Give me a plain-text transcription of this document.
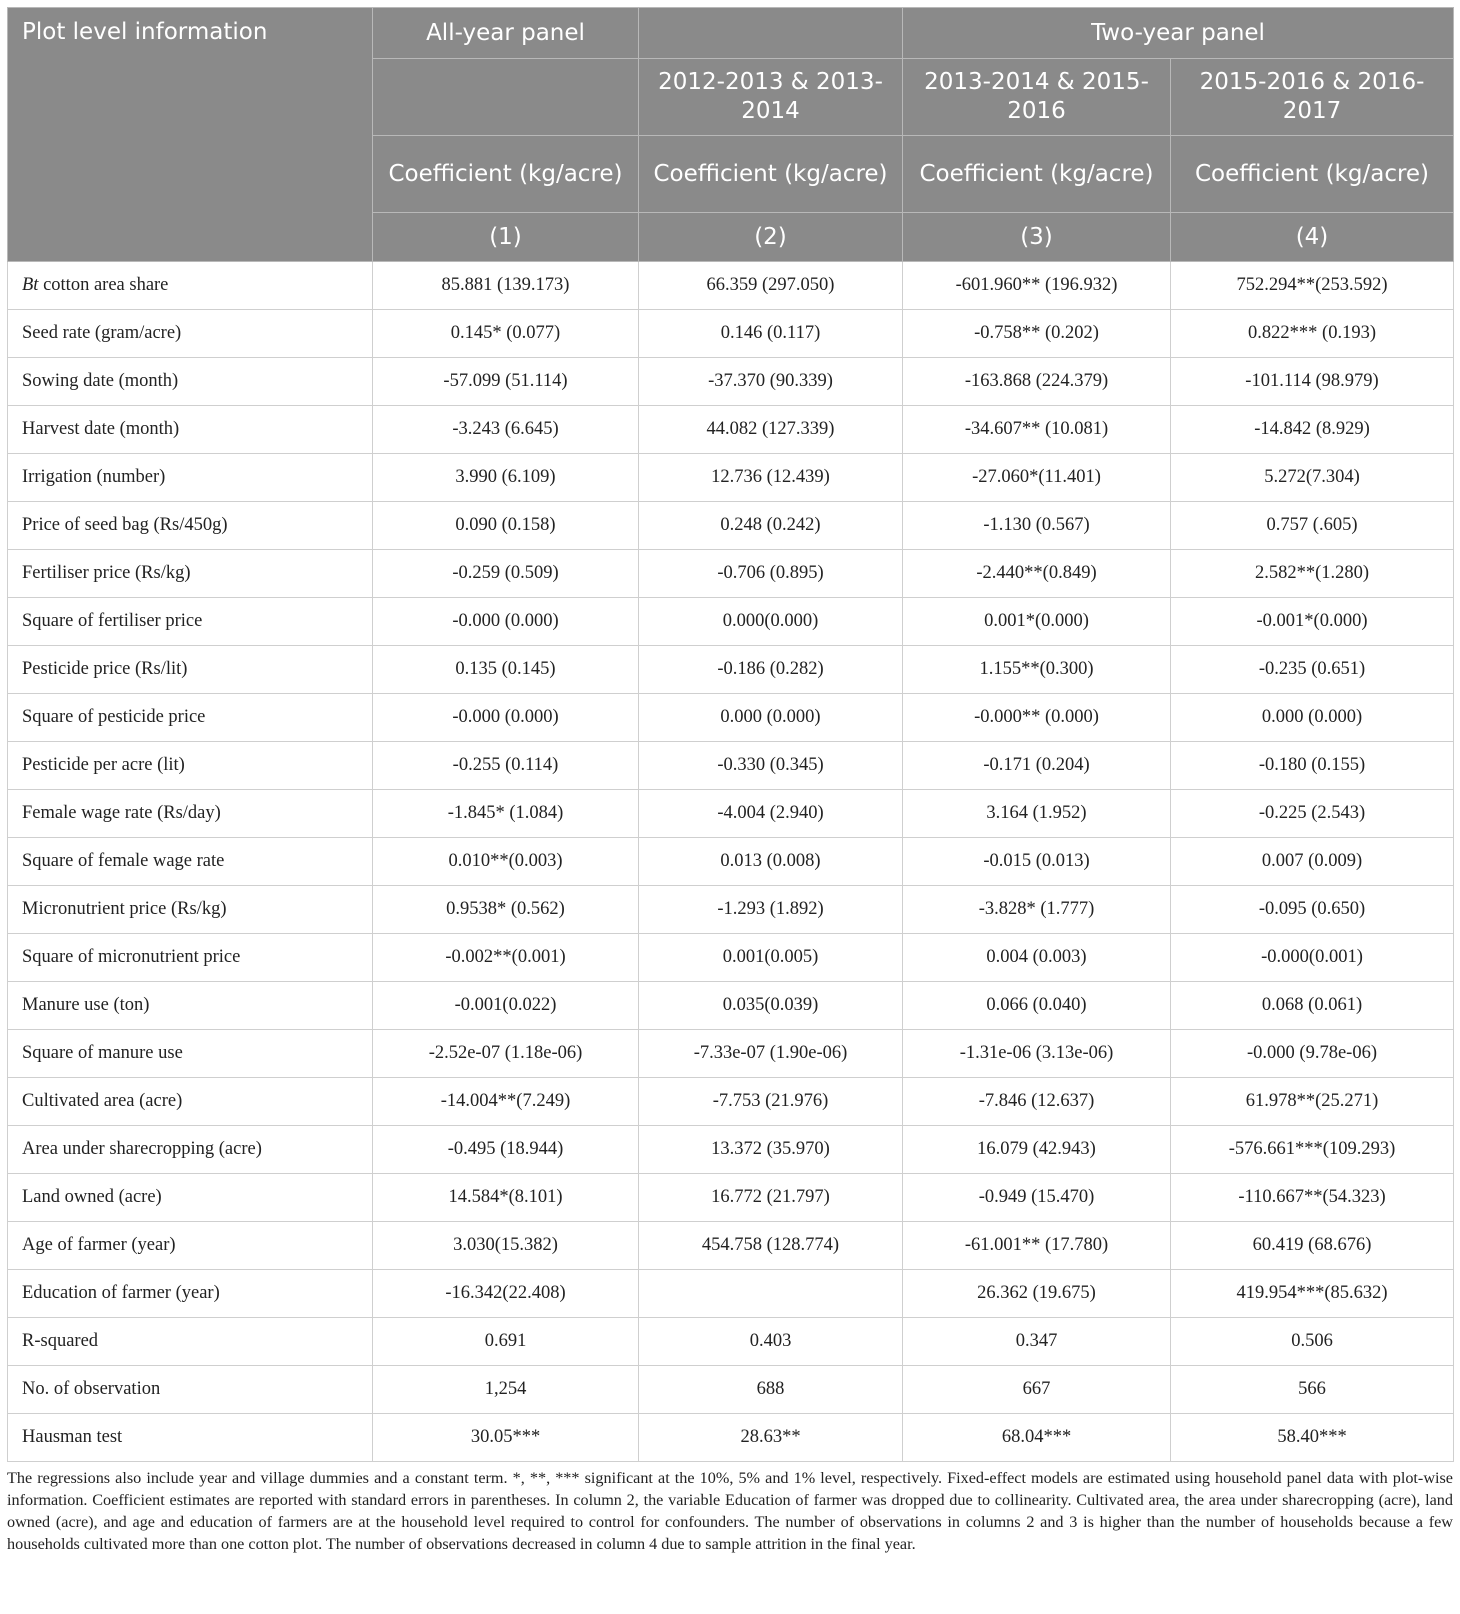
Plot level information	All-year panel		Two-year panel	
		2012-2013 & 2013-2014	2013-2014 & 2015-2016	2015-2016 & 2016-2017
	Coefficient (kg/acre)	Coefficient (kg/acre)	Coefficient (kg/acre)	Coefficient (kg/acre)
	(1)	(2)	(3)	(4)
Bt cotton area share	85.881 (139.173)	66.359 (297.050)	-601.960** (196.932)	752.294**(253.592)
Seed rate (gram/acre)	0.145* (0.077)	0.146 (0.117)	-0.758** (0.202)	0.822*** (0.193)
Sowing date (month)	-57.099 (51.114)	-37.370 (90.339)	-163.868 (224.379)	-101.114 (98.979)
Harvest date (month)	-3.243 (6.645)	44.082 (127.339)	-34.607** (10.081)	-14.842 (8.929)
Irrigation (number)	3.990 (6.109)	12.736 (12.439)	-27.060*(11.401)	5.272(7.304)
Price of seed bag (Rs/450g)	0.090 (0.158)	0.248 (0.242)	-1.130 (0.567)	0.757 (.605)
Fertiliser price (Rs/kg)	-0.259 (0.509)	-0.706 (0.895)	-2.440**(0.849)	2.582**(1.280)
Square of fertiliser price	-0.000 (0.000)	0.000(0.000)	0.001*(0.000)	-0.001*(0.000)
Pesticide price (Rs/lit)	0.135 (0.145)	-0.186 (0.282)	1.155**(0.300)	-0.235 (0.651)
Square of pesticide price	-0.000 (0.000)	0.000 (0.000)	-0.000** (0.000)	0.000 (0.000)
Pesticide per acre (lit)	-0.255 (0.114)	-0.330 (0.345)	-0.171 (0.204)	-0.180 (0.155)
Female wage rate (Rs/day)	-1.845* (1.084)	-4.004 (2.940)	3.164 (1.952)	-0.225 (2.543)
Square of female wage rate	0.010**(0.003)	0.013 (0.008)	-0.015 (0.013)	0.007 (0.009)
Micronutrient price (Rs/kg)	0.9538* (0.562)	-1.293 (1.892)	-3.828* (1.777)	-0.095 (0.650)
Square of micronutrient price	-0.002**(0.001)	0.001(0.005)	0.004 (0.003)	-0.000(0.001)
Manure use (ton)	-0.001(0.022)	0.035(0.039)	0.066 (0.040)	0.068 (0.061)
Square of manure use	-2.52e-07 (1.18e-06)	-7.33e-07 (1.90e-06)	-1.31e-06 (3.13e-06)	-0.000 (9.78e-06)
Cultivated area (acre)	-14.004**(7.249)	-7.753 (21.976)	-7.846 (12.637)	61.978**(25.271)
Area under sharecropping (acre)	-0.495 (18.944)	13.372 (35.970)	16.079 (42.943)	-576.661***(109.293)
Land owned (acre)	14.584*(8.101)	16.772 (21.797)	-0.949 (15.470)	-110.667**(54.323)
Age of farmer (year)	3.030(15.382)	454.758 (128.774)	-61.001** (17.780)	60.419 (68.676)
Education of farmer (year)	-16.342(22.408)		26.362 (19.675)	419.954***(85.632)
R-squared	0.691	0.403	0.347	0.506
No. of observation	1,254	688	667	566
Hausman test	30.05***	28.63**	68.04***	58.40***
The regressions also include year and village dummies and a constant term. *, **, *** significant at the 10%, 5% and 1% level, respectively. Fixed-effect models are estimated using household panel data with plot-wise information. Coefficient estimates are reported with standard errors in parentheses. In column 2, the variable Education of farmer was dropped due to collinearity. Cultivated area, the area under sharecropping (acre), land owned (acre), and age and education of farmers are at the household level required to control for confounders. The number of observations in columns 2 and 3 is higher than the number of households because a few households cultivated more than one cotton plot. The number of observations decreased in column 4 due to sample attrition in the final year.
